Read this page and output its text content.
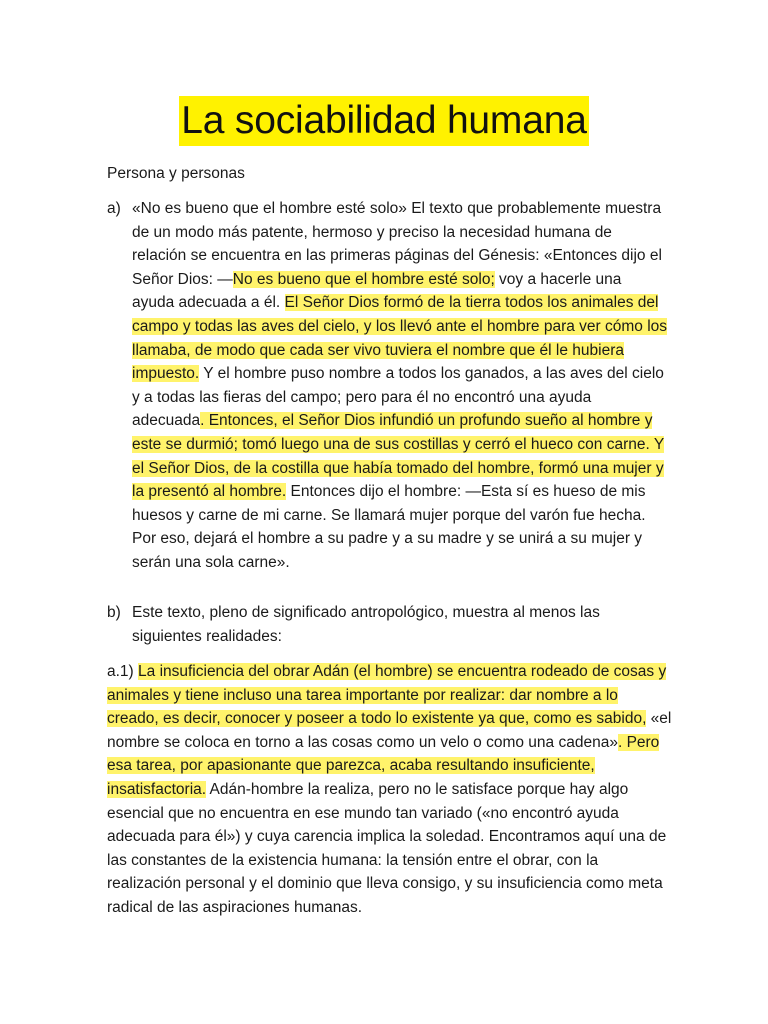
La sociabilidad humana
Persona y personas
a) «No es bueno que el hombre esté solo» El texto que probablemente muestra de un modo más patente, hermoso y preciso la necesidad humana de relación se encuentra en las primeras páginas del Génesis: «Entonces dijo el Señor Dios: —No es bueno que el hombre esté solo; voy a hacerle una ayuda adecuada a él. El Señor Dios formó de la tierra todos los animales del campo y todas las aves del cielo, y los llevó ante el hombre para ver cómo los llamaba, de modo que cada ser vivo tuviera el nombre que él le hubiera impuesto. Y el hombre puso nombre a todos los ganados, a las aves del cielo y a todas las fieras del campo; pero para él no encontró una ayuda adecuada. Entonces, el Señor Dios infundió un profundo sueño al hombre y este se durmió; tomó luego una de sus costillas y cerró el hueco con carne. Y el Señor Dios, de la costilla que había tomado del hombre, formó una mujer y la presentó al hombre. Entonces dijo el hombre: —Esta sí es hueso de mis huesos y carne de mi carne. Se llamará mujer porque del varón fue hecha. Por eso, dejará el hombre a su padre y a su madre y se unirá a su mujer y serán una sola carne».
b) Este texto, pleno de significado antropológico, muestra al menos las siguientes realidades:
a.1) La insuficiencia del obrar Adán (el hombre) se encuentra rodeado de cosas y animales y tiene incluso una tarea importante por realizar: dar nombre a lo creado, es decir, conocer y poseer a todo lo existente ya que, como es sabido, «el nombre se coloca en torno a las cosas como un velo o como una cadena». Pero esa tarea, por apasionante que parezca, acaba resultando insuficiente, insatisfactoria. Adán-hombre la realiza, pero no le satisface porque hay algo esencial que no encuentra en ese mundo tan variado («no encontró ayuda adecuada para él») y cuya carencia implica la soledad. Encontramos aquí una de las constantes de la existencia humana: la tensión entre el obrar, con la realización personal y el dominio que lleva consigo, y su insuficiencia como meta radical de las aspiraciones humanas.
